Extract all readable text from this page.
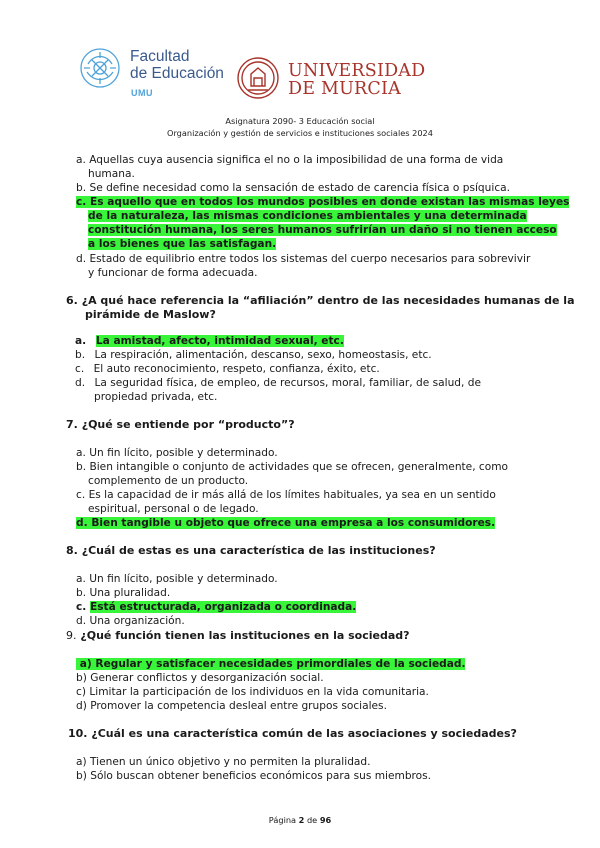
Facultad
de Educación
UMU
UNIVERSIDAD
DE MURCIA
Asignatura 2090- 3 Educación social
Organización y gestión de servicios e instituciones sociales 2024
a. Aquellas cuya ausencia significa el no o la imposibilidad de una forma de vida
humana.
b. Se define necesidad como la sensación de estado de carencia física o psíquica.
c. Es aquello que en todos los mundos posibles en donde existan las mismas leyes
de la naturaleza, las mismas condiciones ambientales y una determinada
constitución humana, los seres humanos sufrirían un daño si no tienen acceso
a los bienes que las satisfagan.
d. Estado de equilibrio entre todos los sistemas del cuerpo necesarios para sobrevivir
y funcionar de forma adecuada.
6. ¿A qué hace referencia la “afiliación” dentro de las necesidades humanas de la
pirámide de Maslow?
a. La amistad, afecto, intimidad sexual, etc.
b. La respiración, alimentación, descanso, sexo, homeostasis, etc.
c. El auto reconocimiento, respeto, confianza, éxito, etc.
d. La seguridad física, de empleo, de recursos, moral, familiar, de salud, de
propiedad privada, etc.
7. ¿Qué se entiende por “producto”?
a. Un fin lícito, posible y determinado.
b. Bien intangible o conjunto de actividades que se ofrecen, generalmente, como
complemento de un producto.
c. Es la capacidad de ir más allá de los límites habituales, ya sea en un sentido
espiritual, personal o de legado.
d. Bien tangible u objeto que ofrece una empresa a los consumidores.
8. ¿Cuál de estas es una característica de las instituciones?
a. Un fin lícito, posible y determinado.
b. Una pluralidad.
c. Está estructurada, organizada o coordinada.
d. Una organización.
9. ¿Qué función tienen las instituciones en la sociedad?
a) Regular y satisfacer necesidades primordiales de la sociedad.
b) Generar conflictos y desorganización social.
c) Limitar la participación de los individuos en la vida comunitaria.
d) Promover la competencia desleal entre grupos sociales.
10. ¿Cuál es una característica común de las asociaciones y sociedades?
a) Tienen un único objetivo y no permiten la pluralidad.
b) Sólo buscan obtener beneficios económicos para sus miembros.
Página 2 de 96
